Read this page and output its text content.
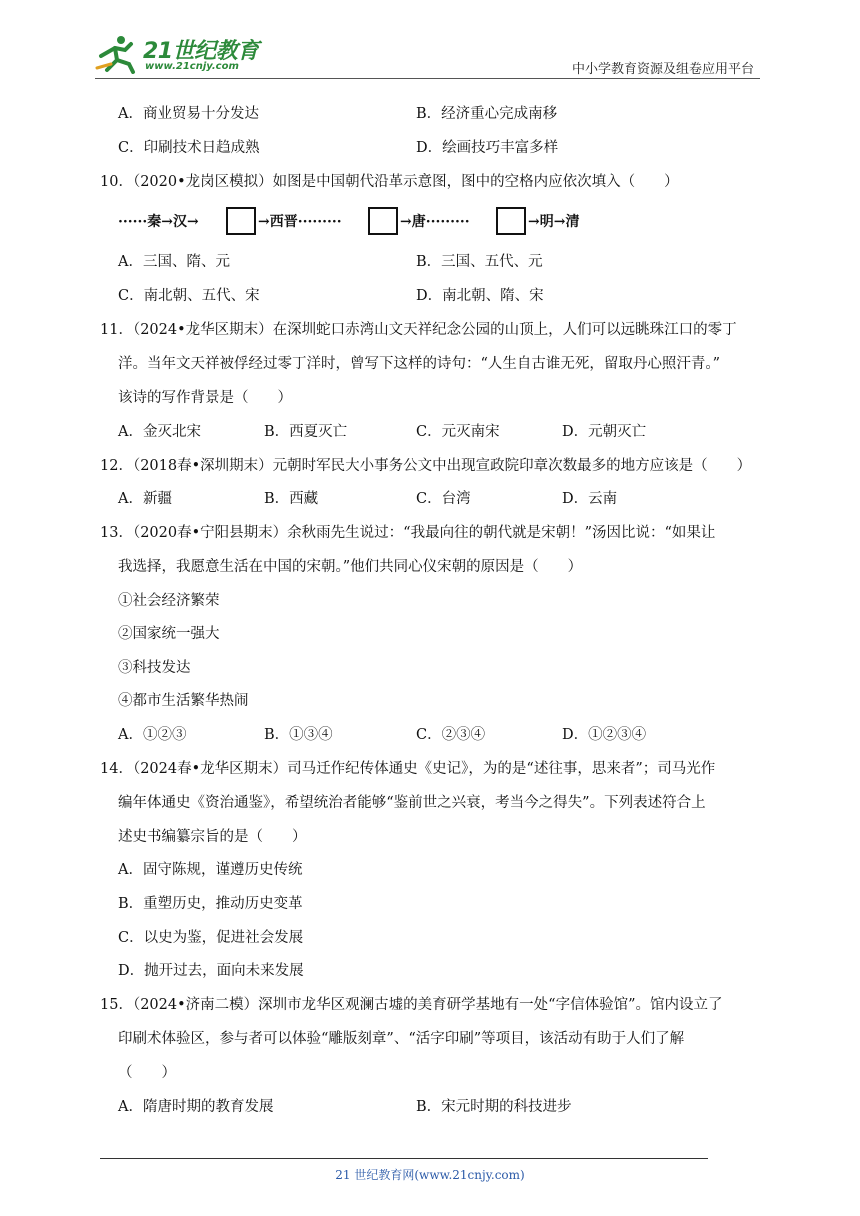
21世纪教育
www.21cnjy.com	中小学教育资源及组卷应用平台
A．商业贸易十分发达	B．经济重心完成南移
C．印刷技术日趋成熟	D．绘画技巧丰富多样
10．（2020•龙岗区模拟）如图是中国朝代沿革示意图，图中的空格内应依次填入（　　）
······秦→汉→	→西晋·········	→唐·········	→明→清
A．三国、隋、元	B．三国、五代、元
C．南北朝、五代、宋	D．南北朝、隋、宋
11．（2024•龙华区期末）在深圳蛇口赤湾山文天祥纪念公园的山顶上，人们可以远眺珠江口的零丁
洋。当年文天祥被俘经过零丁洋时，曾写下这样的诗句：“人生自古谁无死，留取丹心照汗青。”
该诗的写作背景是（　　）
A．金灭北宋	B．西夏灭亡	C．元灭南宋	D．元朝灭亡
12．（2018春•深圳期末）元朝时军民大小事务公文中出现宣政院印章次数最多的地方应该是（　　）
A．新疆	B．西藏	C．台湾	D．云南
13．（2020春•宁阳县期末）余秋雨先生说过：“我最向往的朝代就是宋朝！”汤因比说：“如果让
我选择，我愿意生活在中国的宋朝。”他们共同心仪宋朝的原因是（　　）
①社会经济繁荣
②国家统一强大
③科技发达
④都市生活繁华热闹
A．①②③	B．①③④	C．②③④	D．①②③④
14．（2024春•龙华区期末）司马迁作纪传体通史《史记》，为的是“述往事，思来者”；司马光作
编年体通史《资治通鉴》，希望统治者能够“鉴前世之兴衰，考当今之得失”。下列表述符合上
述史书编纂宗旨的是（　　）
A．固守陈规，谨遵历史传统
B．重塑历史，推动历史变革
C．以史为鉴，促进社会发展
D．抛开过去，面向未来发展
15．（2024•济南二模）深圳市龙华区观澜古墟的美育研学基地有一处“字信体验馆”。馆内设立了
印刷术体验区，参与者可以体验“雕版刻章”、“活字印刷”等项目，该活动有助于人们了解
（　　）
A．隋唐时期的教育发展	B．宋元时期的科技进步
21 世纪教育网(www.21cnjy.com)
